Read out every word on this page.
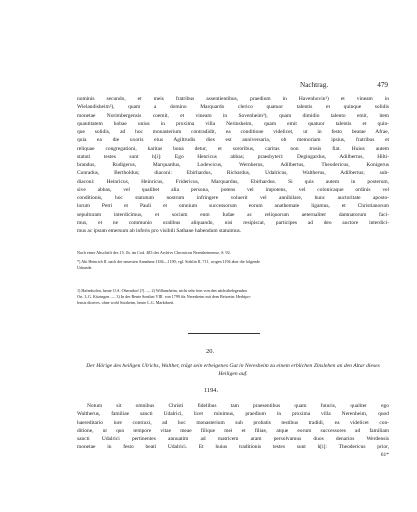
Nachtrag.	479
nominis secundo, et meis fratribus assentientibus, praedium in Havenhovin¹) et vineam in
Wielandisheim²), quam a domino Marquardo clerico quatuor talentis et quinque solidis
monetae Norimbergensis coemit, et vineam in Sovenheim³), quam dimidio talento emit, item
quantitatem hobae unius in proxima villa Nerinsheim, quam emit quatuor talentis et quin-
que solidis, ad hoc monasterium contradidit, ea conditione videlicet, ut in festo beatae Afrae,
quia ea die uxoris eius Agiltrudis dies est anniversaria, ob memoriam ipsius, fratribus et
reliquae congregationi, karitas bona detur, et sororibus, caritas non trusis fiat. Huius autem
statuti testes sunt h[i]: Ego Henricus abbas; praesbyteri: Degingardus, Adilbertus, Hilti-
brandus, Rudigerus, Marquardus, Lodewicus, Wernherus, Adilbertus, Theodericus, Konigerus
Conradus, Bertholdus; diaconi: Ebirhardus, Richardus, Udalricus, Waltherus, Adilbertus; sub-
diaconi: Heinricus, Heinricus, Fridericus, Marquardus, Ebirhardus. Si quis autem in posterum,
sive abbas, vel qualibet alia persona, potens vel impotens, vel colonicaque ordinis vel
conditionis, hoc statutum nostrum infringere voluerit vel annihilare, hunc auctoritate aposto-
lorum Petri et Pauli et omnium successorum eorum anathemate ligamus, et Christianorum
sepulturam interdicimus, et socium eum Iudae ac reliquorum aeternaliter damnatorum faci-
mus, et ne communio oralibus aliquando, nisi resipiscat, participes ad deo auctore interdici-
mus ac ipsum emersum ab inferis pro visibili Sathane habendum statuimus.
Nach einer Abschrift des 15. Jh. im Cod. 483 des Archivs Chronicon Nerenheimense, S. 92.
*) Abt Heinrich II. nach der neuesten Annahme 1184—1190; vgl. Sieklin II, 711, wogen 1194 aber die folgende
Urkunde.
1) Hafenhofen, heute O.A. Oberndorf (?). — 2) Willanzheim, nicht sehr fern von den nächstbelegenden
Ort. L.G. Kitzingen. — 3) In der Bente Sonthei VIII. von 1799 für Neresheim mit dem Betarein: Herbipo-
lensis dioeces. ohne wohl Sotzheim, heute L.G. Marktbreit.
20.
Der Hörige des heiligen Ulrichs, Walther, trägt sein erbeigenes Gut in Neresheim zu einem erblichen Zinslehen an den Altar dieses Heiligen auf.
1194.
Notum sit omnibus Christi fidelibus tam praesentibus quam futuris, qualiter ego
Waltherus, familiae sancti Udalrici, licet minimus, praedium in proxima villa Nerenheim, quod
haereditario iure contraxi, ad hoc monasterium sub probatis testibus tradidi, ea videlicet con-
ditione, ut quo tempore vitae meae filique mei et filiae, atque eorum successores ad familiam
sancti Udalrici pertinentes annuatim ad matricem aram persolvamus duos denarios Werdensis
monetae in festo beati Udalrici. Et huius traditionis testes sunt h[i]: Theodericus prior,
61*
